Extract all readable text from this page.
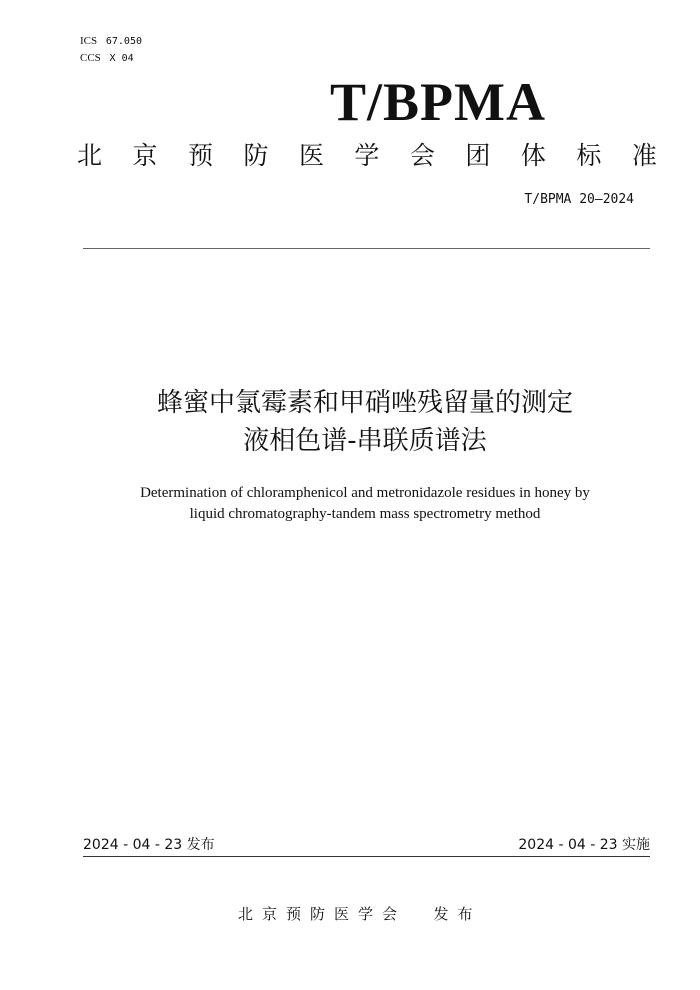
ICS 67.050
CCS X 04
T/BPMA
北 京 预 防 医 学 会 团 体 标 准
T/BPMA 20—2024
蜂蜜中氯霉素和甲硝唑残留量的测定
液相色谱-串联质谱法
Determination of chloramphenicol and metronidazole residues in honey by
liquid chromatography-tandem mass spectrometry method
2024 - 04 - 23 发布	2024 - 04 - 23 实施
北京预防医学会  发布
